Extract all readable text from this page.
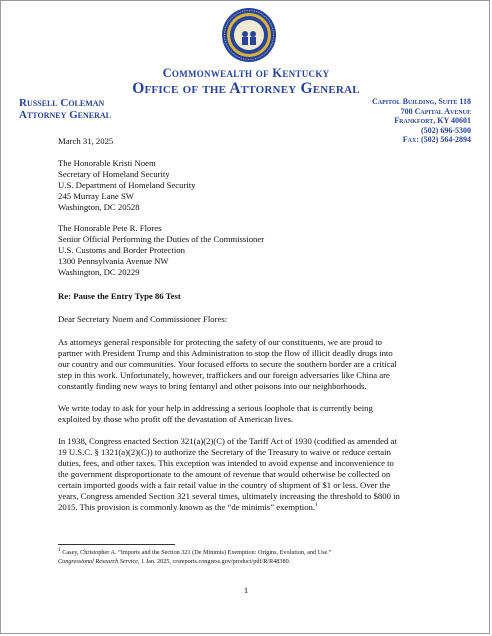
Commonwealth of Kentucky
Office of the Attorney General
Russell Coleman
Attorney General
Capitol Building, Suite 118
700 Capital Avenue
Frankfort, KY 40601
(502) 696-5300
Fax: (502) 564-2894
March 31, 2025
The Honorable Kristi Noem
Secretary of Homeland Security
U.S. Department of Homeland Security
245 Murray Lane SW
Washington, DC 20528
The Honorable Pete R. Flores
Senior Official Performing the Duties of the Commissioner
U.S. Customs and Border Protection
1300 Pennsylvania Avenue NW
Washington, DC 20229
Re: Pause the Entry Type 86 Test
Dear Secretary Noem and Commissioner Flores:
As attorneys general responsible for protecting the safety of our constituents, we are proud to
partner with President Trump and this Administration to stop the flow of illicit deadly drugs into
our country and our communities. Your focused efforts to secure the southern border are a critical
step in this work. Unfortunately, however, traffickers and our foreign adversaries like China are
constantly finding new ways to bring fentanyl and other poisons into our neighborhoods.
We write today to ask for your help in addressing a serious loophole that is currently being
exploited by those who profit off the devastation of American lives.
In 1938, Congress enacted Section 321(a)(2)(C) of the Tariff Act of 1930 (codified as amended at
19 U.S.C. § 1321(a)(2)(C)) to authorize the Secretary of the Treasury to waive or reduce certain
duties, fees, and other taxes. This exception was intended to avoid expense and inconvenience to
the government disproportionate to the amount of revenue that would otherwise be collected on
certain imported goods with a fair retail value in the country of shipment of $1 or less. Over the
years, Congress amended Section 321 several times, ultimately increasing the threshold to $800 in
2015. This provision is commonly known as the “de minimis” exemption.$^1$
$^1$ Casey, Christopher A. “Imports and the Section 321 (De Minimis) Exemption: Origins, Evolution, and Use.”
Congressional Research Service, 1 Jan. 2025, crsreports.congress.gov/product/pdf/R/R48380.
1
